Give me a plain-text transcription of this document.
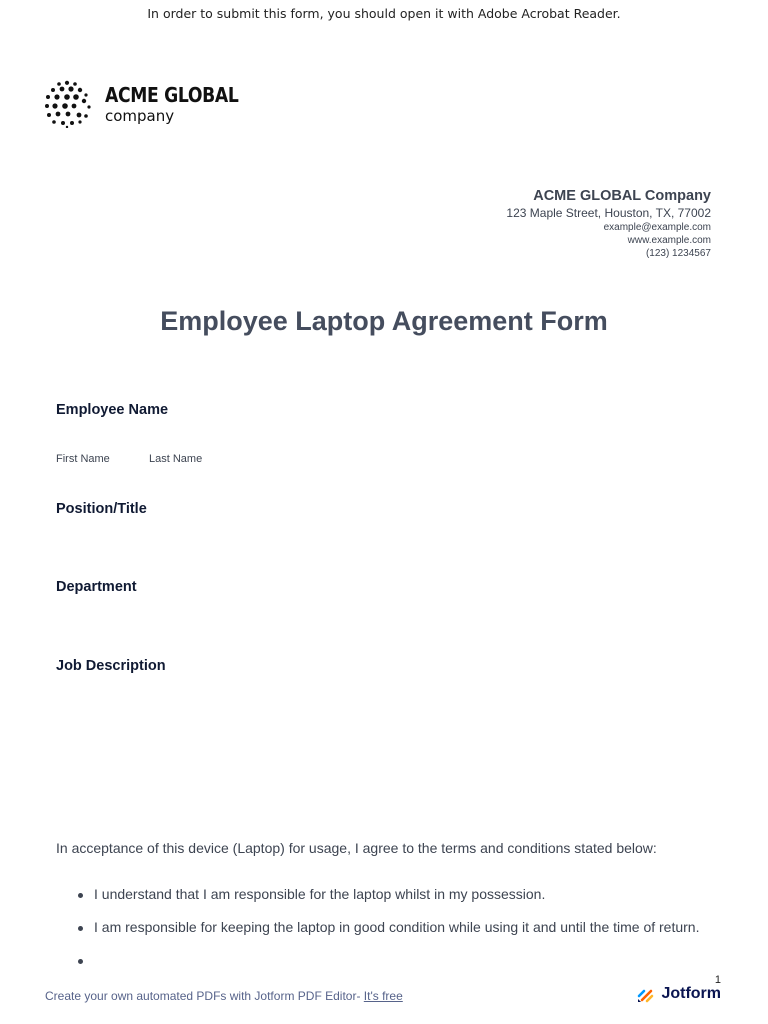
In order to submit this form, you should open it with Adobe Acrobat Reader.
ACME GLOBAL
company
ACME GLOBAL Company
123 Maple Street, Houston, TX, 77002
example@example.com
www.example.com
(123) 1234567
Employee Laptop Agreement Form
Employee Name
First Name	Last Name
Position/Title
Department
Job Description
In acceptance of this device (Laptop) for usage, I agree to the terms and conditions stated below:
I understand that I am responsible for the laptop whilst in my possession.
I am responsible for keeping the laptop in good condition while using it and until the time of return.
1
Create your own automated PDFs with Jotform PDF Editor- It's free	Jotform
